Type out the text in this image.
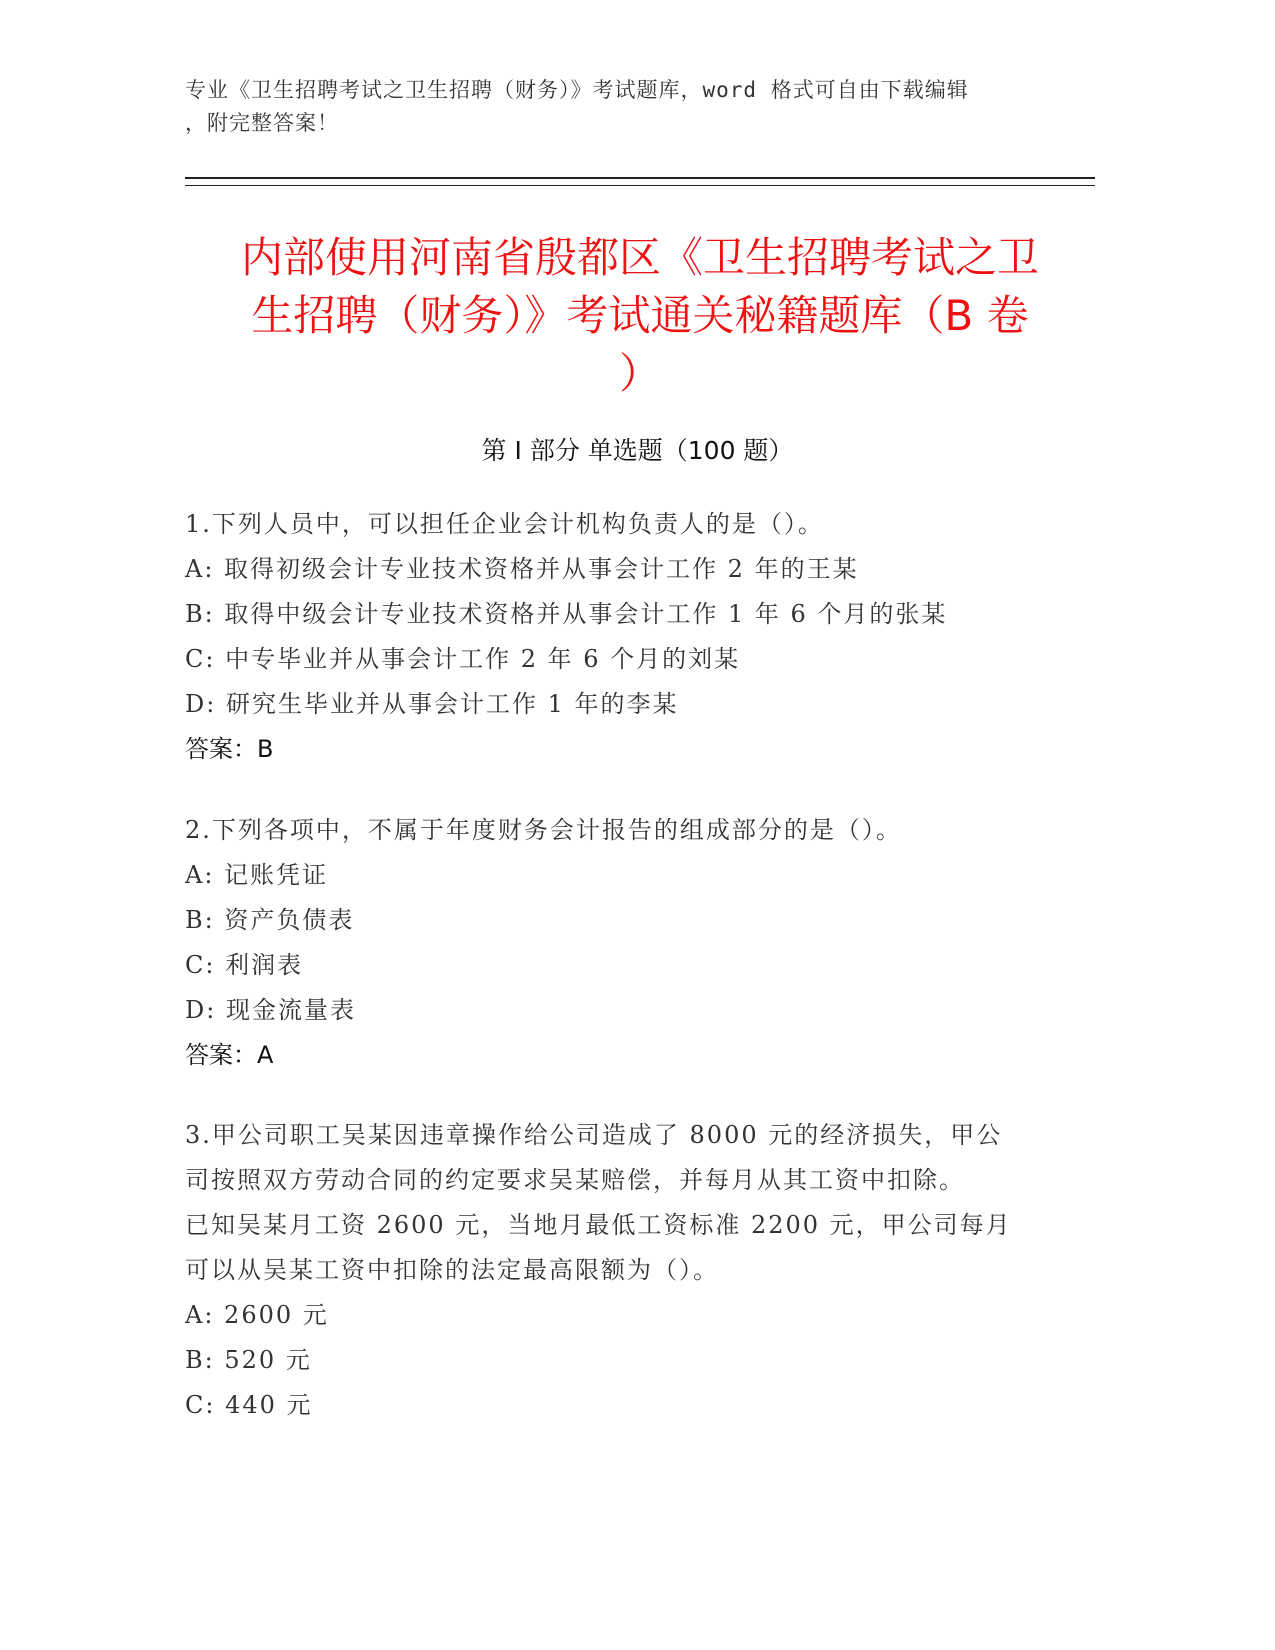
专业《卫生招聘考试之卫生招聘（财务）》考试题库，word 格式可自由下载编辑
，附完整答案！
内部使用河南省殷都区《卫生招聘考试之卫
生招聘（财务）》考试通关秘籍题库（B 卷
）
第 I 部分 单选题（100 题）

1.下列人员中，可以担任企业会计机构负责人的是（）。

A: 取得初级会计专业技术资格并从事会计工作 2 年的王某

B: 取得中级会计专业技术资格并从事会计工作 1 年 6 个月的张某

C: 中专毕业并从事会计工作 2 年 6 个月的刘某

D: 研究生毕业并从事会计工作 1 年的李某

答案：B

2.下列各项中，不属于年度财务会计报告的组成部分的是（）。

A: 记账凭证

B: 资产负债表

C: 利润表

D: 现金流量表

答案：A

3.甲公司职工吴某因违章操作给公司造成了 8000 元的经济损失，甲公

司按照双方劳动合同的约定要求吴某赔偿，并每月从其工资中扣除。

已知吴某月工资 2600 元，当地月最低工资标准 2200 元，甲公司每月

可以从吴某工资中扣除的法定最高限额为（）。

A: 2600 元

B: 520 元

C: 440 元
